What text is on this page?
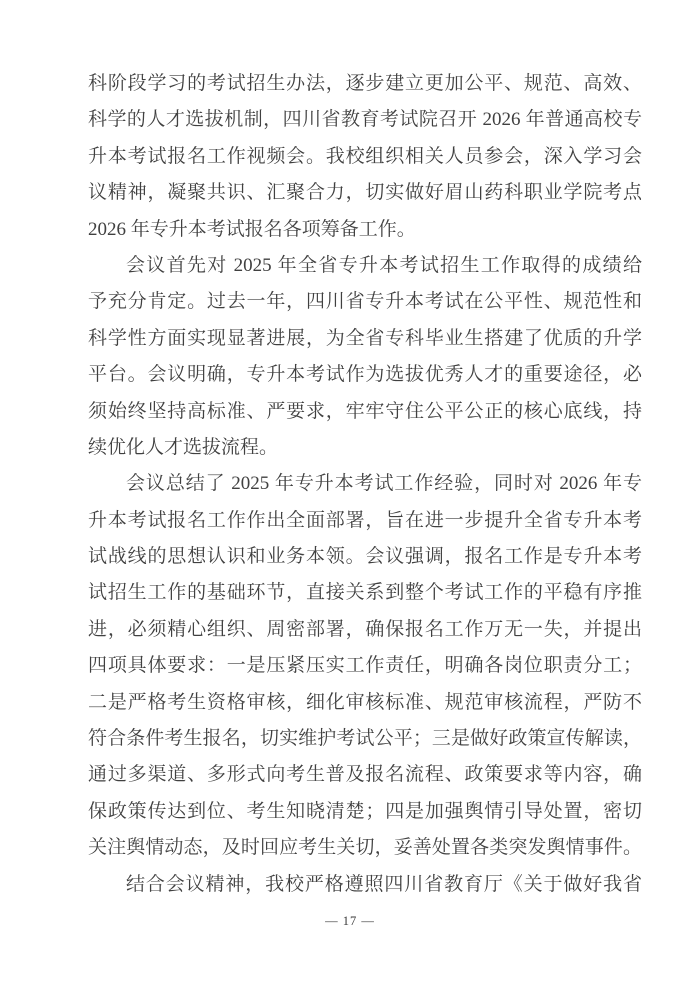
科阶段学习的考试招生办法，逐步建立更加公平、规范、高效、
科学的人才选拔机制，四川省教育考试院召开 2026 年普通高校专
升本考试报名工作视频会。我校组织相关人员参会，深入学习会
议精神，凝聚共识、汇聚合力，切实做好眉山药科职业学院考点
2026 年专升本考试报名各项筹备工作。
会议首先对 2025 年全省专升本考试招生工作取得的成绩给
予充分肯定。过去一年，四川省专升本考试在公平性、规范性和
科学性方面实现显著进展，为全省专科毕业生搭建了优质的升学
平台。会议明确，专升本考试作为选拔优秀人才的重要途径，必
须始终坚持高标准、严要求，牢牢守住公平公正的核心底线，持
续优化人才选拔流程。
会议总结了 2025 年专升本考试工作经验，同时对 2026 年专
升本考试报名工作作出全面部署，旨在进一步提升全省专升本考
试战线的思想认识和业务本领。会议强调，报名工作是专升本考
试招生工作的基础环节，直接关系到整个考试工作的平稳有序推
进，必须精心组织、周密部署，确保报名工作万无一失，并提出
四项具体要求：一是压紧压实工作责任，明确各岗位职责分工；
二是严格考生资格审核，细化审核标准、规范审核流程，严防不
符合条件考生报名，切实维护考试公平；三是做好政策宣传解读，
通过多渠道、多形式向考生普及报名流程、政策要求等内容，确
保政策传达到位、考生知晓清楚；四是加强舆情引导处置，密切
关注舆情动态，及时回应考生关切，妥善处置各类突发舆情事件。
结合会议精神，我校严格遵照四川省教育厅《关于做好我省
— 17 —
